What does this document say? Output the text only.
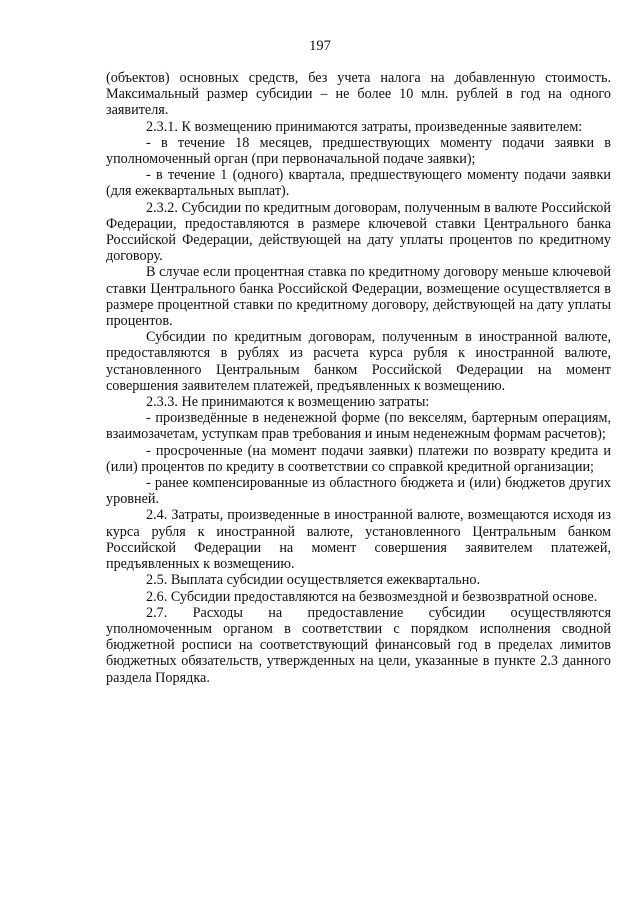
197

(объектов) основных средств, без учета налога на добавленную стоимость. Максимальный размер субсидии – не более 10 млн. рублей в год на одного заявителя.

2.3.1. К возмещению принимаются затраты, произведенные заявителем:

- в течение 18 месяцев, предшествующих моменту подачи заявки в уполномоченный орган (при первоначальной подаче заявки);

- в течение 1 (одного) квартала, предшествующего моменту подачи заявки (для ежеквартальных выплат).

2.3.2. Субсидии по кредитным договорам, полученным в валюте Российской Федерации, предоставляются в размере ключевой ставки Центрального банка Российской Федерации, действующей на дату уплаты процентов по кредитному договору.

В случае если процентная ставка по кредитному договору меньше ключевой ставки Центрального банка Российской Федерации, возмещение осуществляется в размере процентной ставки по кредитному договору, действующей на дату уплаты процентов.

Субсидии по кредитным договорам, полученным в иностранной валюте, предоставляются в рублях из расчета курса рубля к иностранной валюте, установленного Центральным банком Российской Федерации на момент совершения заявителем платежей, предъявленных к возмещению.

2.3.3. Не принимаются к возмещению затраты:

- произведённые в неденежной форме (по векселям, бартерным операциям, взаимозачетам, уступкам прав требования и иным неденежным формам расчетов);

- просроченные (на момент подачи заявки) платежи по возврату кредита и (или) процентов по кредиту в соответствии со справкой кредитной организации;

- ранее компенсированные из областного бюджета и (или) бюджетов других уровней.

2.4. Затраты, произведенные в иностранной валюте, возмещаются исходя из курса рубля к иностранной валюте, установленного Центральным банком Российской Федерации на момент совершения заявителем платежей, предъявленных к возмещению.

2.5. Выплата субсидии осуществляется ежеквартально.

2.6. Субсидии предоставляются на безвозмездной и безвозвратной основе.

2.7. Расходы на предоставление субсидии осуществляются уполномоченным органом в соответствии с порядком исполнения сводной бюджетной росписи на соответствующий финансовый год в пределах лимитов бюджетных обязательств, утвержденных на цели, указанные в пункте 2.3 данного раздела Порядка.
